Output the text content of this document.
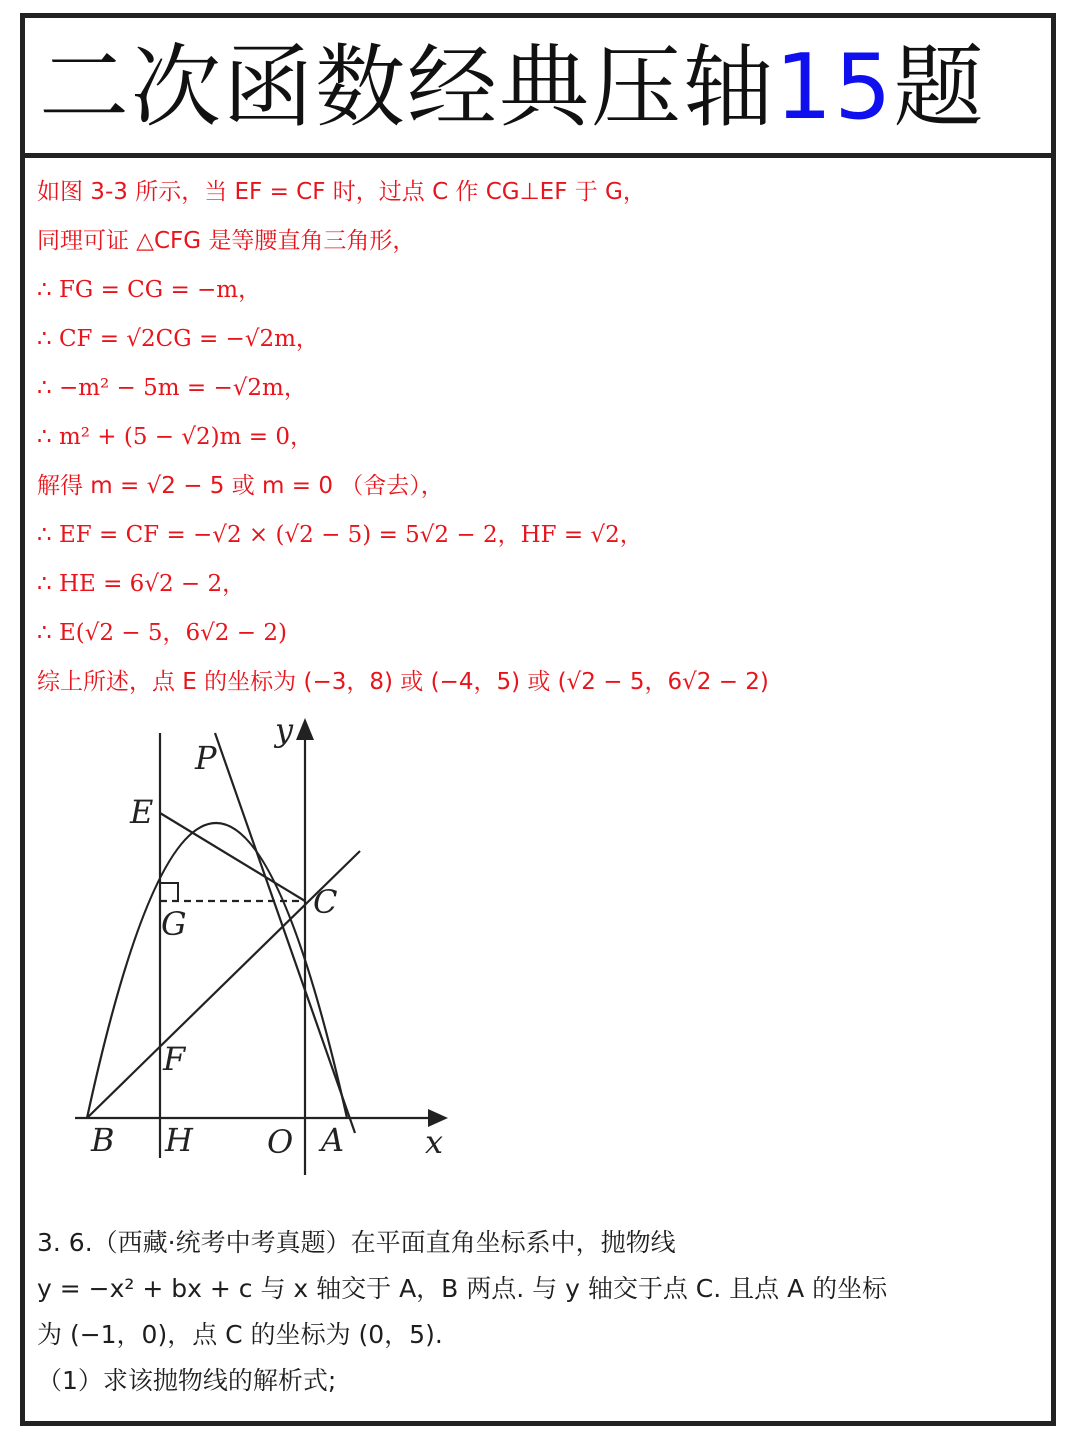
二次函数经典压轴15题
如图 3-3 所示，当 EF = CF 时，过点 C 作 CG⊥EF 于 G，
同理可证 △CFG 是等腰直角三角形，
∴ FG = CG = −m，
∴ CF = √2CG = −√2m，
∴ −m² − 5m = −√2m，
∴ m² + (5 − √2)m = 0，
解得 m = √2 − 5 或 m = 0 （舍去），
∴ EF = CF = −√2 × (√2 − 5) = 5√2 − 2，HF = √2，
∴ HE = 6√2 − 2，
∴ E(√2 − 5，6√2 − 2)
综上所述，点 E 的坐标为 (−3，8) 或 (−4，5) 或 (√2 − 5，6√2 − 2)
y
x
P
E
G
C
F
B H O A
3. 6.（西藏·统考中考真题）在平面直角坐标系中，抛物线
y = −x² + bx + c 与 x 轴交于 A，B 两点. 与 y 轴交于点 C. 且点 A 的坐标
为 (−1，0)，点 C 的坐标为 (0，5).
（1）求该抛物线的解析式;
